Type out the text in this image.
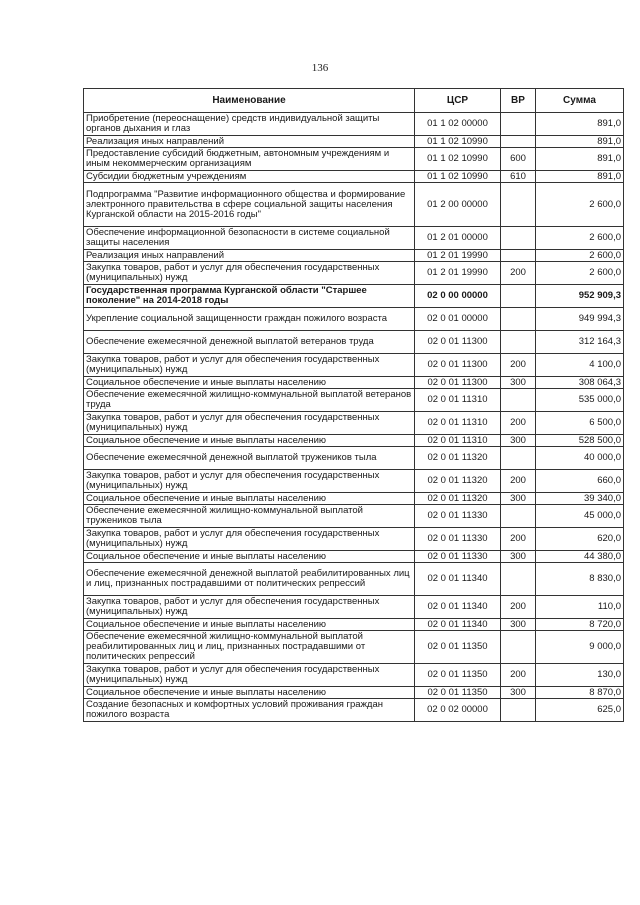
136
Наименование	ЦСР	ВР	Сумма
Приобретение (переоснащение) средств индивидуальной защиты органов дыхания и глаз	01 1 02 00000		891,0
Реализация иных направлений	01 1 02 10990		891,0
Предоставление субсидий бюджетным, автономным учреждениям и иным некоммерческим организациям	01 1 02 10990	600	891,0
Субсидии бюджетным учреждениям	01 1 02 10990	610	891,0
Подпрограмма "Развитие информационного общества и формирование электронного правительства в сфере социальной защиты населения Курганской области на 2015-2016 годы"	01 2 00 00000		2 600,0
Обеспечение информационной безопасности в системе социальной защиты населения	01 2 01 00000		2 600,0
Реализация иных направлений	01 2 01 19990		2 600,0
Закупка товаров, работ и услуг для обеспечения государственных (муниципальных) нужд	01 2 01 19990	200	2 600,0
Государственная программа Курганской области "Старшее поколение" на 2014-2018 годы	02 0 00 00000		952 909,3
Укрепление социальной защищенности граждан пожилого возраста	02 0 01 00000		949 994,3
Обеспечение ежемесячной денежной выплатой ветеранов труда	02 0 01 11300		312 164,3
Закупка товаров, работ и услуг для обеспечения государственных (муниципальных) нужд	02 0 01 11300	200	4 100,0
Социальное обеспечение и иные выплаты населению	02 0 01 11300	300	308 064,3
Обеспечение ежемесячной жилищно-коммунальной выплатой ветеранов труда	02 0 01 11310		535 000,0
Закупка товаров, работ и услуг для обеспечения государственных (муниципальных) нужд	02 0 01 11310	200	6 500,0
Социальное обеспечение и иные выплаты населению	02 0 01 11310	300	528 500,0
Обеспечение ежемесячной денежной выплатой тружеников тыла	02 0 01 11320		40 000,0
Закупка товаров, работ и услуг для обеспечения государственных (муниципальных) нужд	02 0 01 11320	200	660,0
Социальное обеспечение и иные выплаты населению	02 0 01 11320	300	39 340,0
Обеспечение ежемесячной жилищно-коммунальной выплатой тружеников тыла	02 0 01 11330		45 000,0
Закупка товаров, работ и услуг для обеспечения государственных (муниципальных) нужд	02 0 01 11330	200	620,0
Социальное обеспечение и иные выплаты населению	02 0 01 11330	300	44 380,0
Обеспечение ежемесячной денежной выплатой реабилитированных лиц и лиц, признанных пострадавшими от политических репрессий	02 0 01 11340		8 830,0
Закупка товаров, работ и услуг для обеспечения государственных (муниципальных) нужд	02 0 01 11340	200	110,0
Социальное обеспечение и иные выплаты населению	02 0 01 11340	300	8 720,0
Обеспечение ежемесячной жилищно-коммунальной выплатой реабилитированных лиц и лиц, признанных пострадавшими от политических репрессий	02 0 01 11350		9 000,0
Закупка товаров, работ и услуг для обеспечения государственных (муниципальных) нужд	02 0 01 11350	200	130,0
Социальное обеспечение и иные выплаты населению	02 0 01 11350	300	8 870,0
Создание безопасных и комфортных условий проживания граждан пожилого возраста	02 0 02 00000		625,0
